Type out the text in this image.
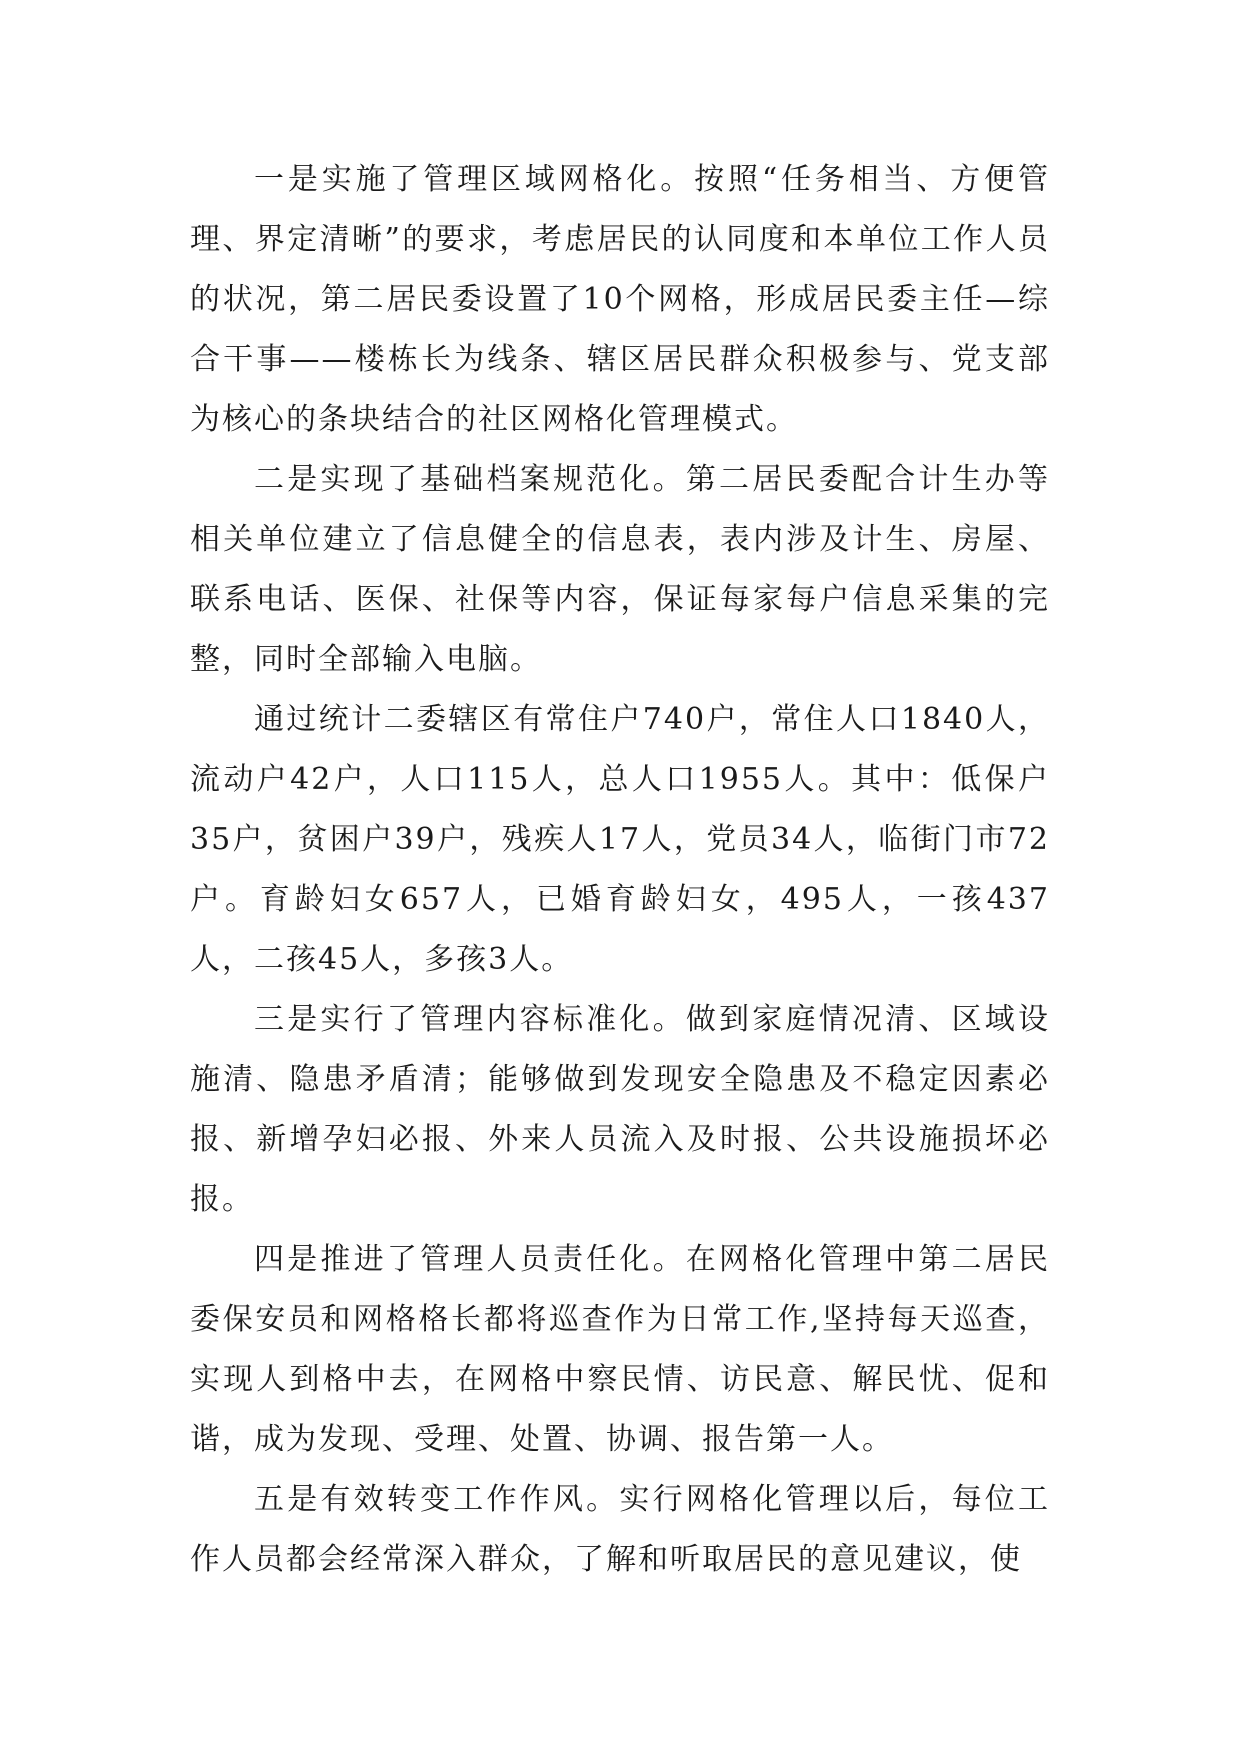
一是实施了管理区域网格化。按照“任务相当、方便管理、界定清晰”的要求，考虑居民的认同度和本单位工作人员的状况，第二居民委设置了10个网格，形成居民委主任—综合干事——楼栋长为线条、辖区居民群众积极参与、党支部为核心的条块结合的社区网格化管理模式。

二是实现了基础档案规范化。第二居民委配合计生办等相关单位建立了信息健全的信息表，表内涉及计生、房屋、联系电话、医保、社保等内容，保证每家每户信息采集的完整，同时全部输入电脑。

通过统计二委辖区有常住户740户，常住人口1840人，流动户42户，人口115人，总人口1955人。其中：低保户35户，贫困户39户，残疾人17人，党员34人，临街门市72户。育龄妇女657人，已婚育龄妇女，495人，一孩437人，二孩45人，多孩3人。

三是实行了管理内容标准化。做到家庭情况清、区域设施清、隐患矛盾清；能够做到发现安全隐患及不稳定因素必报、新增孕妇必报、外来人员流入及时报、公共设施损坏必报。

四是推进了管理人员责任化。在网格化管理中第二居民委保安员和网格格长都将巡查作为日常工作,坚持每天巡查，实现人到格中去，在网格中察民情、访民意、解民忧、促和谐，成为发现、受理、处置、协调、报告第一人。

五是有效转变工作作风。实行网格化管理以后，每位工作人员都会经常深入群众，了解和听取居民的意见建议，使
